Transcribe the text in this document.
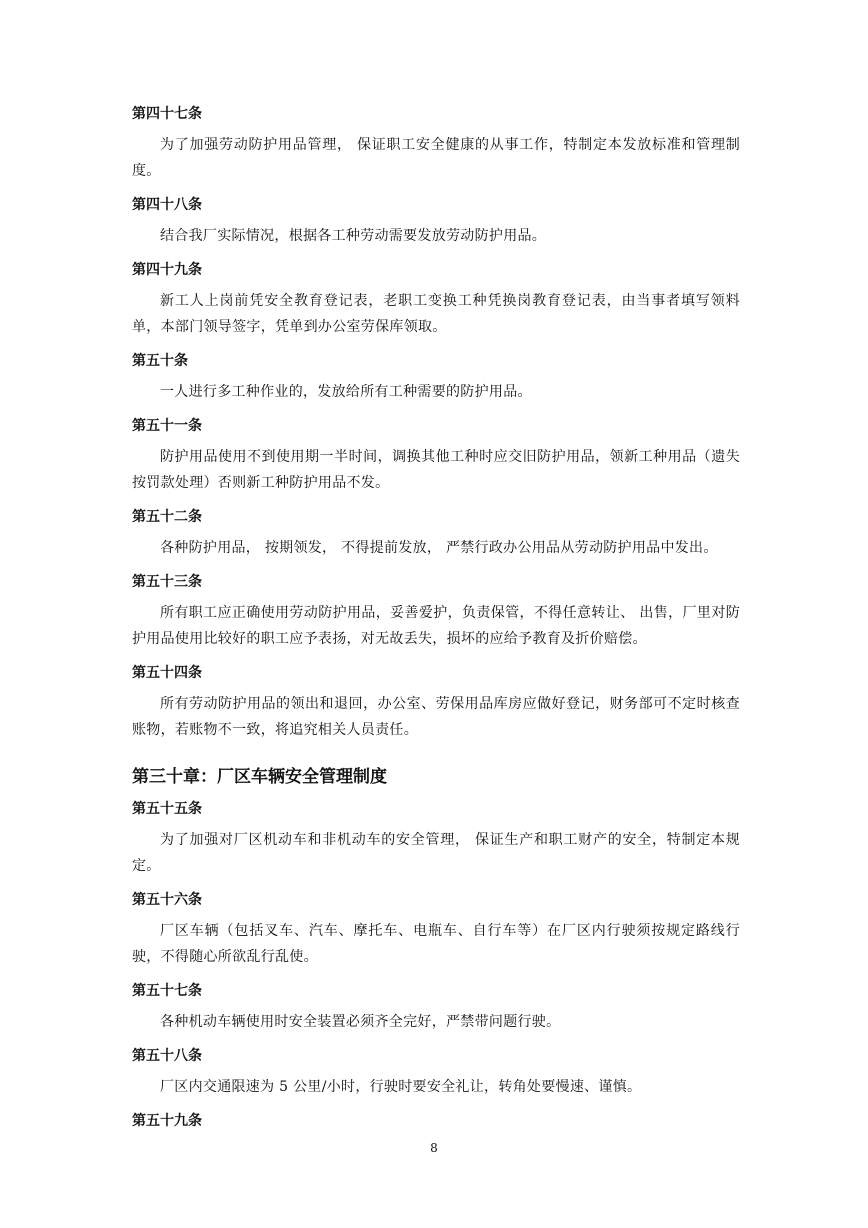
第四十七条

为了加强劳动防护用品管理， 保证职工安全健康的从事工作，特制定本发放标准和管理制度。

第四十八条

结合我厂实际情况，根据各工种劳动需要发放劳动防护用品。

第四十九条

新工人上岗前凭安全教育登记表，老职工变换工种凭换岗教育登记表，由当事者填写领料单，本部门领导签字，凭单到办公室劳保库领取。

第五十条

一人进行多工种作业的，发放给所有工种需要的防护用品。

第五十一条

防护用品使用不到使用期一半时间，调换其他工种时应交旧防护用品，领新工种用品（遗失按罚款处理）否则新工种防护用品不发。

第五十二条

各种防护用品， 按期领发， 不得提前发放， 严禁行政办公用品从劳动防护用品中发出。

第五十三条

所有职工应正确使用劳动防护用品，妥善爱护，负责保管，不得任意转让、 出售，厂里对防护用品使用比较好的职工应予表扬，对无故丢失，损坏的应给予教育及折价赔偿。

第五十四条

所有劳动防护用品的领出和退回，办公室、劳保用品库房应做好登记，财务部可不定时核查账物，若账物不一致，将追究相关人员责任。

第三十章：厂区车辆安全管理制度
第五十五条

为了加强对厂区机动车和非机动车的安全管理， 保证生产和职工财产的安全，特制定本规定。

第五十六条

厂区车辆（包括叉车、汽车、摩托车、电瓶车、自行车等）在厂区内行驶须按规定路线行驶，不得随心所欲乱行乱使。

第五十七条

各种机动车辆使用时安全装置必须齐全完好，严禁带问题行驶。

第五十八条

厂区内交通限速为 5 公里/小时，行驶时要安全礼让，转角处要慢速、谨慎。

第五十九条
8
